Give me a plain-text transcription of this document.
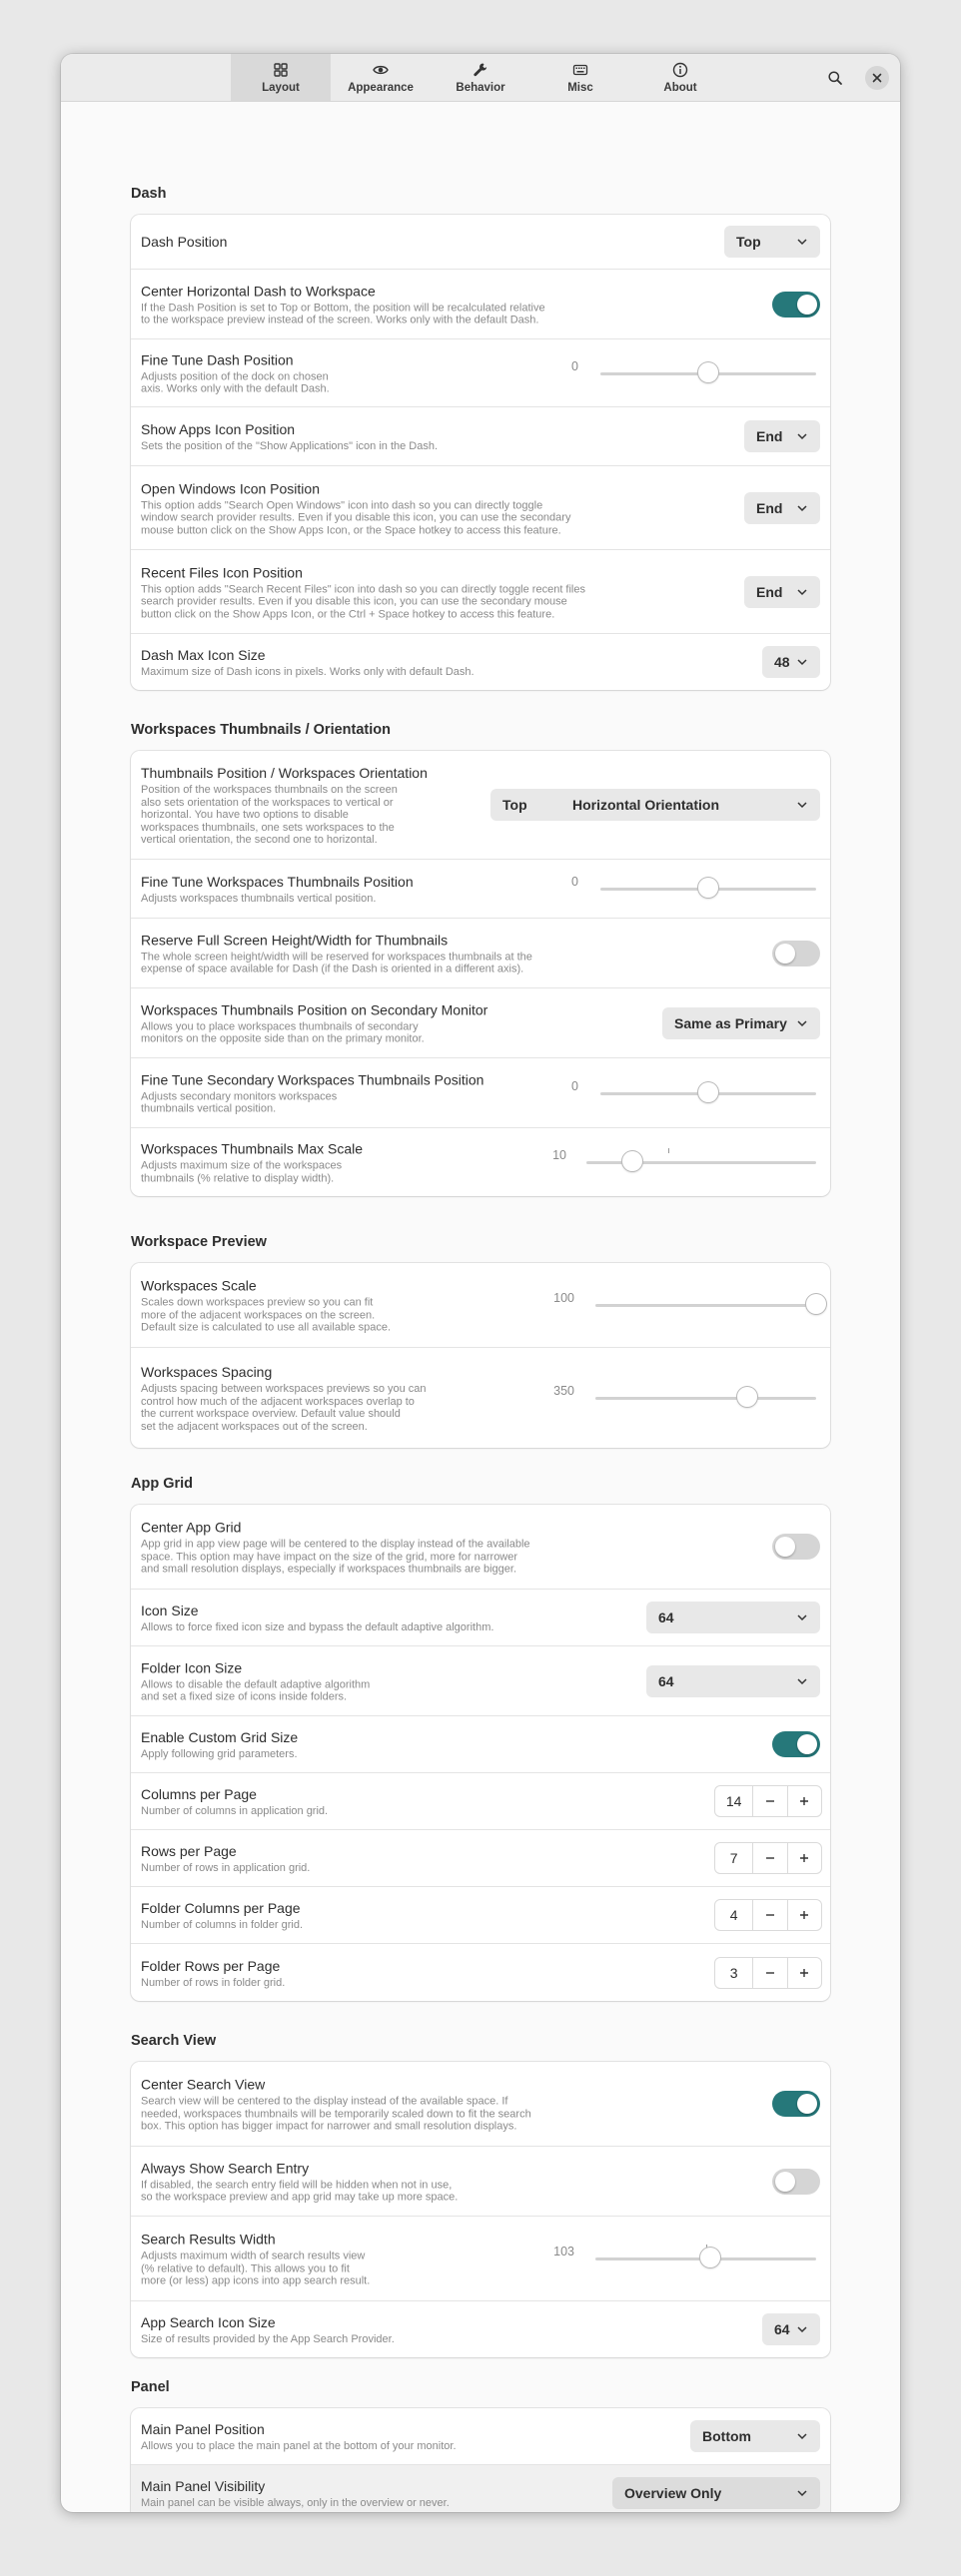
Layout	Appearance	Behavior	Misc	About
Dash
Dash Position	Top
Center Horizontal Dash to Workspace
If the Dash Position is set to Top or Bottom, the position will be recalculated relative
to the workspace preview instead of the screen. Works only with the default Dash.
Fine Tune Dash Position
Adjusts position of the dock on chosen
axis. Works only with the default Dash.
0
Show Apps Icon Position
Sets the position of the "Show Applications" icon in the Dash.
End
Open Windows Icon Position
This option adds "Search Open Windows" icon into dash so you can directly toggle
window search provider results. Even if you disable this icon, you can use the secondary
mouse button click on the Show Apps Icon, or the Space hotkey to access this feature.
End
Recent Files Icon Position
This option adds "Search Recent Files" icon into dash so you can directly toggle recent files
search provider results. Even if you disable this icon, you can use the secondary mouse
button click on the Show Apps Icon, or the Ctrl + Space hotkey to access this feature.
End
Dash Max Icon Size
Maximum size of Dash icons in pixels. Works only with default Dash.
48
Workspaces Thumbnails / Orientation
Thumbnails Position / Workspaces Orientation
Position of the workspaces thumbnails on the screen
also sets orientation of the workspaces to vertical or
horizontal. You have two options to disable
workspaces thumbnails, one sets workspaces to the
vertical orientation, the second one to horizontal.
Top	Horizontal Orientation
Fine Tune Workspaces Thumbnails Position
Adjusts workspaces thumbnails vertical position.
0
Reserve Full Screen Height/Width for Thumbnails
The whole screen height/width will be reserved for workspaces thumbnails at the
expense of space available for Dash (if the Dash is oriented in a different axis).
Workspaces Thumbnails Position on Secondary Monitor
Allows you to place workspaces thumbnails of secondary
monitors on the opposite side than on the primary monitor.
Same as Primary
Fine Tune Secondary Workspaces Thumbnails Position
Adjusts secondary monitors workspaces
thumbnails vertical position.
0
Workspaces Thumbnails Max Scale
Adjusts maximum size of the workspaces
thumbnails (% relative to display width).
10
Workspace Preview
Workspaces Scale
Scales down workspaces preview so you can fit
more of the adjacent workspaces on the screen.
Default size is calculated to use all available space.
100
Workspaces Spacing
Adjusts spacing between workspaces previews so you can
control how much of the adjacent workspaces overlap to
the current workspace overview. Default value should
set the adjacent workspaces out of the screen.
350
App Grid
Center App Grid
App grid in app view page will be centered to the display instead of the available
space. This option may have impact on the size of the grid, more for narrower
and small resolution displays, especially if workspaces thumbnails are bigger.
Icon Size
Allows to force fixed icon size and bypass the default adaptive algorithm.
64
Folder Icon Size
Allows to disable the default adaptive algorithm
and set a fixed size of icons inside folders.
64
Enable Custom Grid Size
Apply following grid parameters.
Columns per Page
Number of columns in application grid.
14
Rows per Page
Number of rows in application grid.
7
Folder Columns per Page
Number of columns in folder grid.
4
Folder Rows per Page
Number of rows in folder grid.
3
Search View
Center Search View
Search view will be centered to the display instead of the available space. If
needed, workspaces thumbnails will be temporarily scaled down to fit the search
box. This option has bigger impact for narrower and small resolution displays.
Always Show Search Entry
If disabled, the search entry field will be hidden when not in use,
so the workspace preview and app grid may take up more space.
Search Results Width
Adjusts maximum width of search results view
(% relative to default). This allows you to fit
more (or less) app icons into app search result.
103
App Search Icon Size
Size of results provided by the App Search Provider.
64
Panel
Main Panel Position
Allows you to place the main panel at the bottom of your monitor.
Bottom
Main Panel Visibility
Main panel can be visible always, only in the overview or never.
Overview Only
